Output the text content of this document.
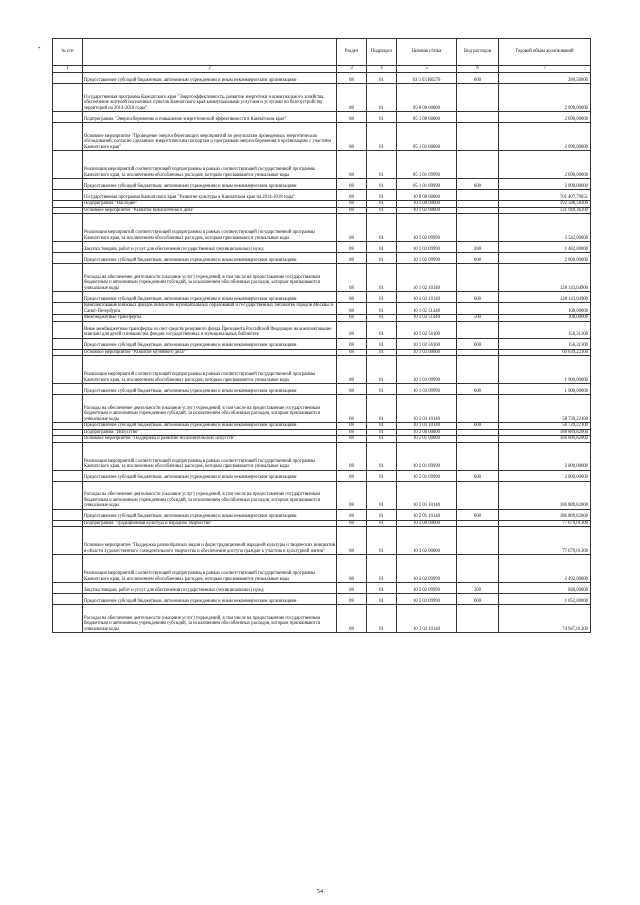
*	№ п/п		Раздел	Подраздел	Целевая статья	Вид расходов	Годовой объем ассигнований
1	2	3	4	5	6	7
	Предоставление субсидий бюджетным, автономным учреждениям и иным некоммерческим организациям	08	01	03 3 03 R0270	600	280,50000
	Государственная программа Камчатского края "Энергоэффективность, развитие энергетики и коммунального хозяйства, обеспечение жителей населенных пунктов Камчатского края коммунальными услугами и услугами по благоустройству территорий на 2014-2018 годы"	08	01	05 0 00 00000		2 090,00000
	Подпрограмма "Энергосбережение и повышение энергетической эффективности в Камчатском крае"	08	01	05 1 00 00000		2 090,00000
	Основное мероприятие "Проведение энергосберегающих мероприятий по результатам проведенных энергетических обследований, согласно сделанных энергетическим паспортам и программам энергосбережения в организациях с участием Камчатского края"	08	01	05 1 01 00000		2 090,00000
	Реализация мероприятий соответствующей подпрограммы в рамках соответствующей государственной программы Камчатского края, за исключением обособленных расходов, которым присваиваются уникальные коды	08	01	05 1 01 09990		2 090,00000
	Предоставление субсидий бюджетным, автономным учреждениям и иным некоммерческим организациям	08	01	05 1 01 09990	600	2 090,00000
	Государственная программа Камчатского края "Развитие культуры в Камчатском крае на 2014-2018 годы"	08	01	10 0 00 00000		701 407,79651
	Подпрограмма "Наследие"	08	01	10 1 00 00000		192 588,58300
	Основное мероприятие "Развитие библиотечного дела"	08	01	10 1 02 00000		131 949,36200
	Реализация мероприятий соответствующей подпрограммы в рамках соответствующей государственной программы Камчатского края, за исключением обособленных расходов, которым присваиваются уникальные коды	08	01	10 1 02 09990		3 542,00000
	Закупка товаров, работ и услуг для обеспечения государственных (муниципальных) нужд	08	01	10 1 02 09990	200	1 482,00000
	Предоставление субсидий бюджетным, автономным учреждениям и иным некоммерческим организациям	08	01	10 1 02 09990	600	2 060,00000
	Расходы на обеспечение деятельности (оказание услуг) учреждений, в том числе на предоставление государственным бюджетным и автономным учреждениям субсидий, за исключением обособленных расходов, которым присваиваются уникальные коды	08	01	10 1 02 10140		128 143,04900
	Предоставление субсидий бюджетным, автономным учреждениям и иным некоммерческим организациям	08	01	10 1 02 10140	600	128 143,04900
	Комплектование книжных фондов библиотек муниципальных образований и государственных библиотек городов Москвы и Санкт-Петербурга	08	01	10 1 02 51440		108,00000
	Межбюджетные трансферты	08	01	10 1 02 51440	500	108,00000
	Иные межбюджетные трансферты за счет средств резервного фонда Президента Российской Федерации на комплектование книгами для детей и юношества фондов государственных и муниципальных библиотек	08	01	10 1 02 56100		156,31300
	Предоставление субсидий бюджетным, автономным учреждениям и иным некоммерческим организациям	08	01	10 1 02 56100	600	156,31300
	Основное мероприятие "Развитие музейного дела"	08	01	10 1 03 00000		60 639,22100
	Реализация мероприятий соответствующей подпрограммы в рамках соответствующей государственной программы Камчатского края, за исключением обособленных расходов, которым присваиваются уникальные коды	08	01	10 1 03 09990		1 900,00000
	Предоставление субсидий бюджетным, автономным учреждениям и иным некоммерческим организациям	08	01	10 1 03 09990	600	1 900,00000
	Расходы на обеспечение деятельности (оказание услуг) учреждений, в том числе на предоставление государственным бюджетным и автономным учреждениям субсидий, за исключением обособленных расходов, которым присваиваются уникальные коды	08	01	10 1 03 10140		58 739,22100
	Предоставление субсидий бюджетным, автономным учреждениям и иным некоммерческим организациям	08	01	10 1 03 10140	600	58 739,22100
	Подпрограмма "Искусство"	08	01	10 2 00 00000		188 889,82000
	Основное мероприятие "Поддержка и развитие исполнительских искусств"	08	01	10 2 01 00000		188 889,82000
	Реализация мероприятий соответствующей подпрограммы в рамках соответствующей государственной программы Камчатского края, за исключением обособленных расходов, которым присваиваются уникальные коды	08	01	10 2 01 09990		2 000,00000
	Предоставление субсидий бюджетным, автономным учреждениям и иным некоммерческим организациям	08	01	10 2 01 09990	600	2 000,00000
	Расходы на обеспечение деятельности (оказание услуг) учреждений, в том числе на предоставление государственным бюджетным и автономным учреждениям субсидий, за исключением обособленных расходов, которым присваиваются уникальные коды	08	01	10 2 01 10140		186 889,82000
	Предоставление субсидий бюджетным, автономным учреждениям и иным некоммерческим организациям	08	01	10 2 01 10140	600	186 889,82000
	Подпрограмма "Традиционная культура и народное творчество"	08	01	10 3 00 00000		77 679,01300
	Основное мероприятие "Поддержка разнообразных видов и форм традиционной народной культуры и творческих инициатив в области художественного самодеятельного творчества и обеспечение доступа граждан к участию в культурной жизни"	08	01	10 3 02 00000		77 679,01300
	Реализация мероприятий соответствующей подпрограммы в рамках соответствующей государственной программы Камчатского края, за исключением обособленных расходов, которым присваиваются уникальные коды	08	01	10 3 02 09990		2 492,00000
	Закупка товаров, работ и услуг для обеспечения государственных (муниципальных) нужд	08	01	10 3 02 09990	200	840,00000
	Предоставление субсидий бюджетным, автономным учреждениям и иным некоммерческим организациям	08	01	10 3 02 09990	600	1 652,00000
	Расходы на обеспечение деятельности (оказание услуг) учреждений, в том числе на предоставление государственным бюджетным и автономным учреждениям субсидий, за исключением обособленных расходов, которым присваиваются уникальные коды	08	01	10 3 02 10140		74 947,01300
54
